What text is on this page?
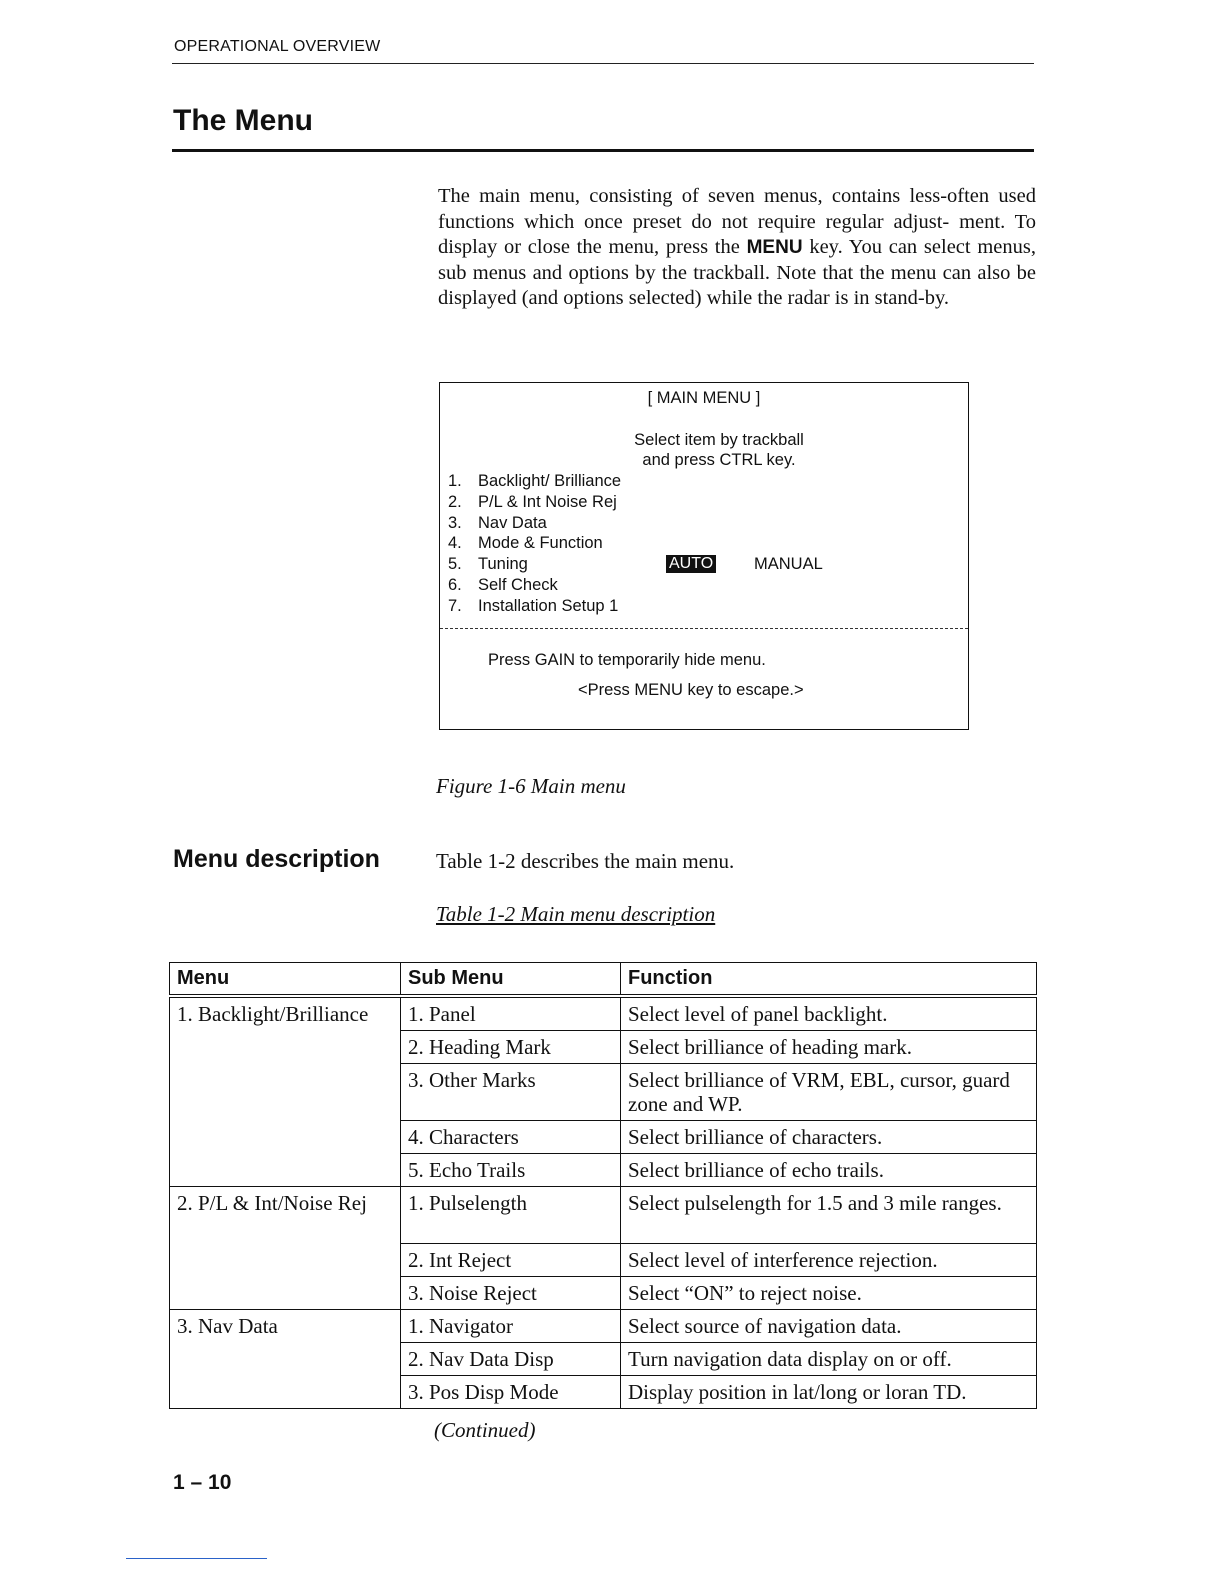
OPERATIONAL OVERVIEW
The Menu

The main menu, consisting of seven menus, contains less-often used functions which once preset do not require regular adjust- ment. To display or close the menu, press the MENU key. You can select menus, sub menus and options by the trackball. Note that the menu can also be displayed (and options selected) while the radar is in stand-by.

[ MAIN MENU ]
Select item by trackball
and press CTRL key.
1. Backlight/ Brilliance
2. P/L & Int Noise Rej
3. Nav Data
4. Mode & Function
5. Tuning	AUTO MANUAL
6. Self Check
7. Installation Setup 1
Press GAIN to temporarily hide menu.
<Press MENU key to escape.>

Figure 1-6 Main menu

Menu description	Table 1-2 describes the main menu.

Table 1-2 Main menu description

Menu	Sub Menu	Function
1. Backlight/Brilliance	1. Panel	Select level of panel backlight.
	2. Heading Mark	Select brilliance of heading mark.
	3. Other Marks	Select brilliance of VRM, EBL, cursor, guard zone and WP.
	4. Characters	Select brilliance of characters.
	5. Echo Trails	Select brilliance of echo trails.
2. P/L & Int/Noise Rej	1. Pulselength	Select pulselength for 1.5 and 3 mile ranges.
	2. Int Reject	Select level of interference rejection.
	3. Noise Reject	Select “ON” to reject noise.
3. Nav Data	1. Navigator	Select source of navigation data.
	2. Nav Data Disp	Turn navigation data display on or off.
	3. Pos Disp Mode	Display position in lat/long or loran TD.

(Continued)

1 – 10
